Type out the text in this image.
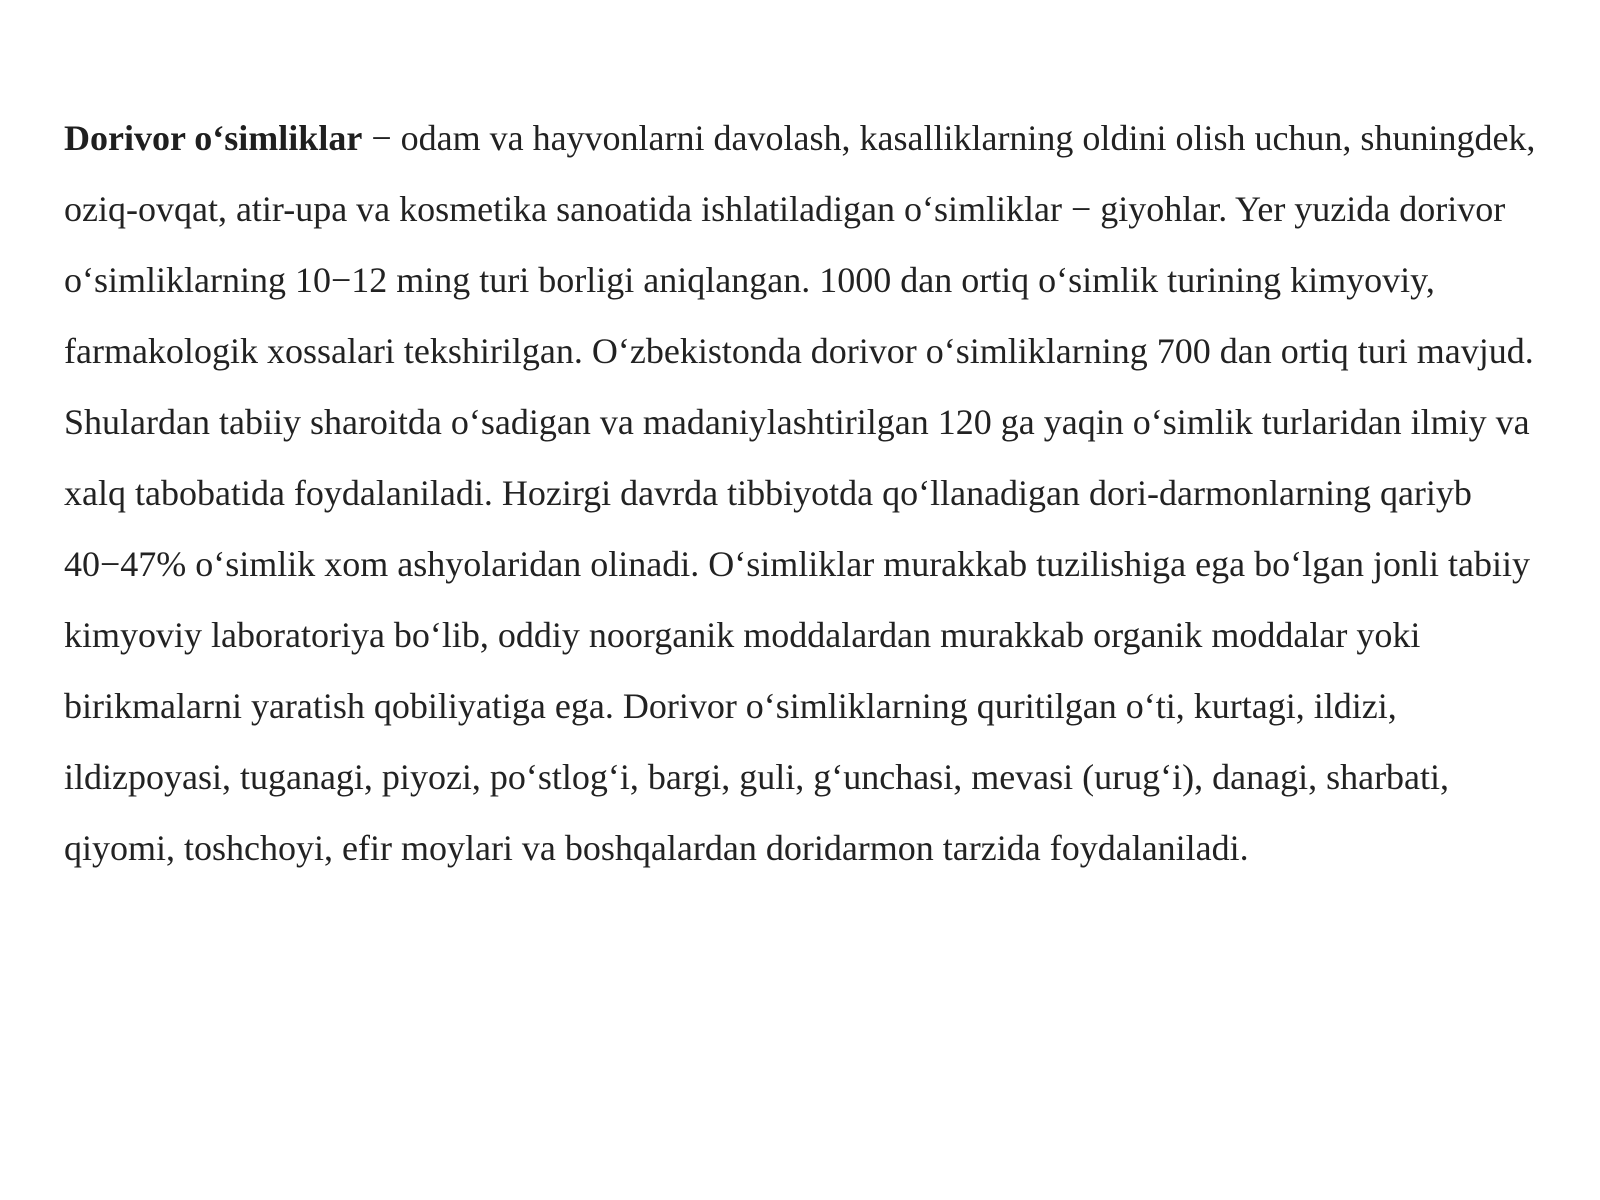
Dorivor o‘simliklar − odam va hayvonlarni davolash, kasalliklarning oldini olish uchun, shuningdek, oziq-ovqat, atir-upa va kosmetika sanoatida ishlatiladigan o‘simliklar − giyohlar. Yer yuzida dorivor o‘simliklarning 10−12 ming turi borligi aniqlangan. 1000 dan ortiq o‘simlik turining kimyoviy, farmakologik xossalari tekshirilgan. O‘zbekistonda dorivor o‘simliklarning 700 dan ortiq turi mavjud. Shulardan tabiiy sharoitda o‘sadigan va madaniylashtirilgan 120 ga yaqin o‘simlik turlaridan ilmiy va xalq tabobatida foydalaniladi. Hozirgi davrda tibbiyotda qo‘llanadigan dori-darmonlarning qariyb 40−47% o‘simlik xom ashyolaridan olinadi. O‘simliklar murakkab tuzilishiga ega bo‘lgan jonli tabiiy kimyoviy laboratoriya bo‘lib, oddiy noorganik moddalardan murakkab organik moddalar yoki birikmalarni yaratish qobiliyatiga ega. Dorivor o‘simliklarning quritilgan o‘ti, kurtagi, ildizi, ildizpoyasi, tuganagi, piyozi, po‘stlog‘i, bargi, guli, g‘unchasi, mevasi (urug‘i), danagi, sharbati, qiyomi, toshchoyi, efir moylari va boshqalardan doridarmon tarzida foydalaniladi.
